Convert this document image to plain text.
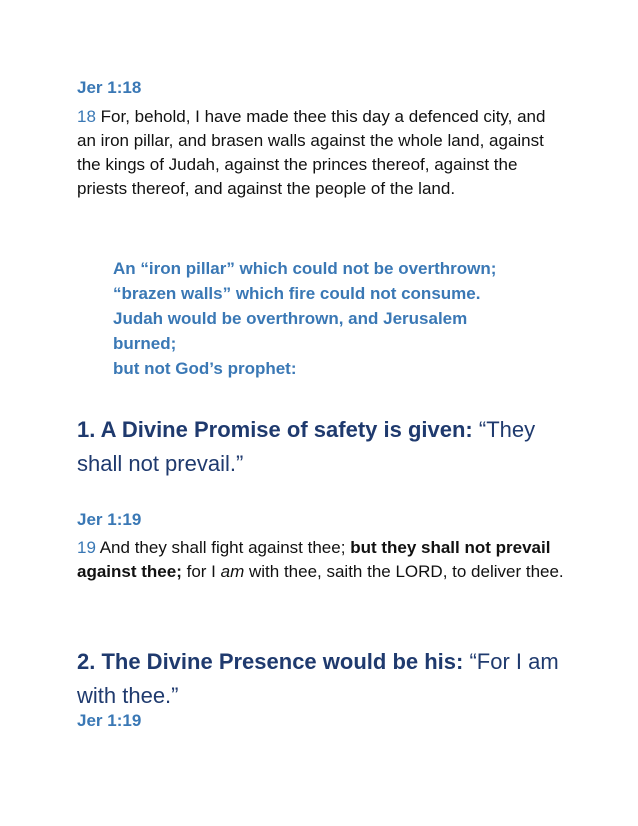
Jer 1:18
18 For, behold, I have made thee this day a defenced city, and an iron pillar, and brasen walls against the whole land, against the kings of Judah, against the princes thereof, against the priests thereof, and against the people of the land.
An “iron pillar” which could not be overthrown;
“brazen walls” which fire could not consume.
Judah would be overthrown, and Jerusalem burned;
but not God’s prophet:
1. A Divine Promise of safety is given: “They shall not prevail.”
Jer 1:19
19 And they shall fight against thee; but they shall not prevail against thee; for I am with thee, saith the LORD, to deliver thee.
2. The Divine Presence would be his: “For I am with thee.”
Jer 1:19
